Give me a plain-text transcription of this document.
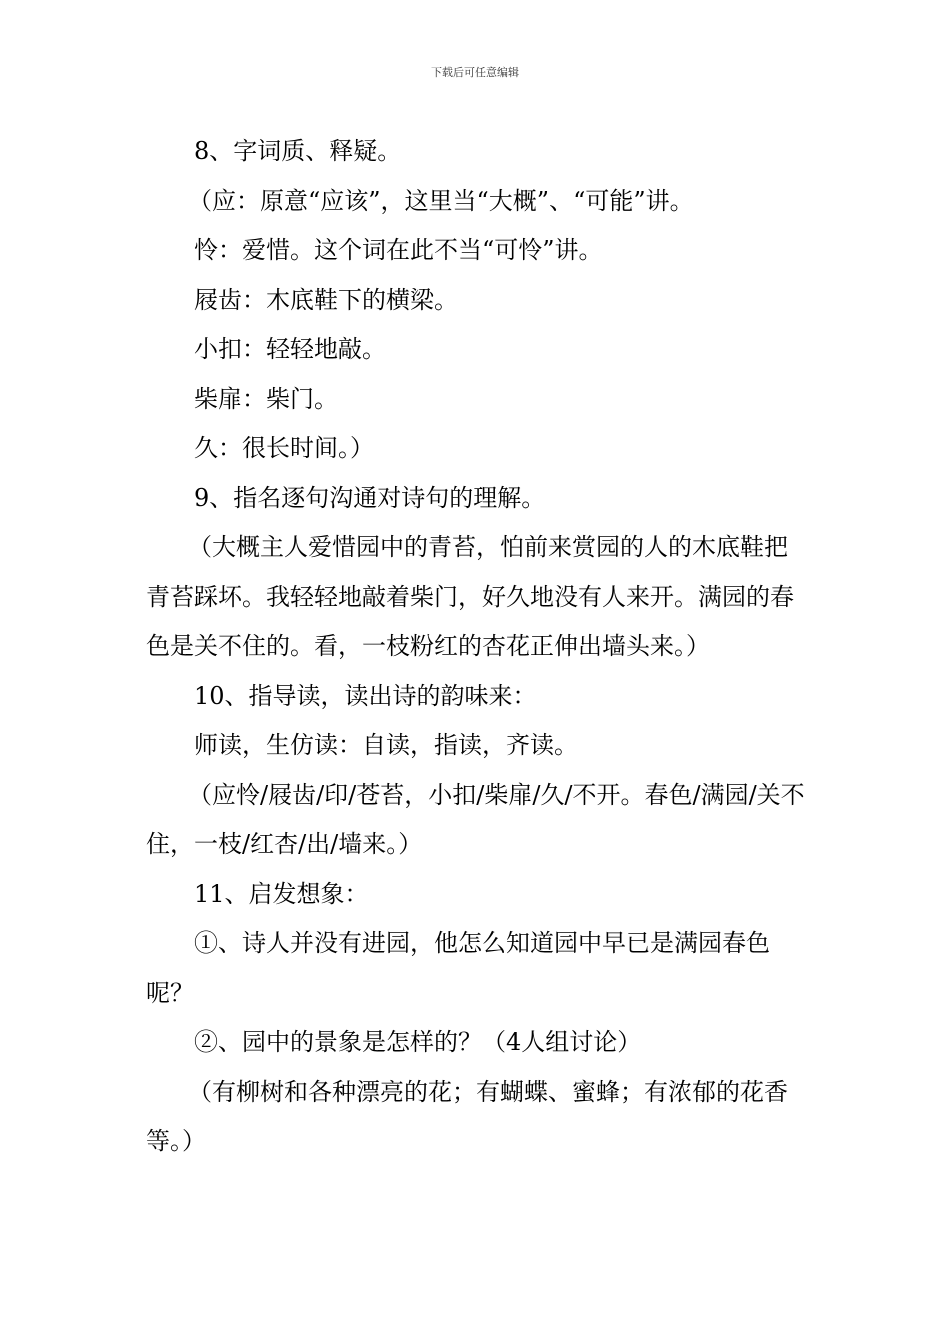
下载后可任意编辑

8、字词质、释疑。

（应：原意“应该”，这里当“大概”、“可能”讲。

怜：爱惜。这个词在此不当“可怜”讲。

屐齿：木底鞋下的横梁。

小扣：轻轻地敲。

柴扉：柴门。

久：很长时间。）

9、指名逐句沟通对诗句的理解。

（大概主人爱惜园中的青苔，怕前来赏园的人的木底鞋把青苔踩坏。我轻轻地敲着柴门，好久地没有人来开。满园的春色是关不住的。看，一枝粉红的杏花正伸出墙头来。）

10、指导读，读出诗的韵味来：

师读，生仿读：自读，指读，齐读。

（应怜/屐齿/印/苍苔，小扣/柴扉/久/不开。春色/满园/关不住，一枝/红杏/出/墙来。）

11、启发想象：

①、诗人并没有进园，他怎么知道园中早已是满园春色呢？

②、园中的景象是怎样的？（4人组讨论）

（有柳树和各种漂亮的花；有蝴蝶、蜜蜂；有浓郁的花香等。）
